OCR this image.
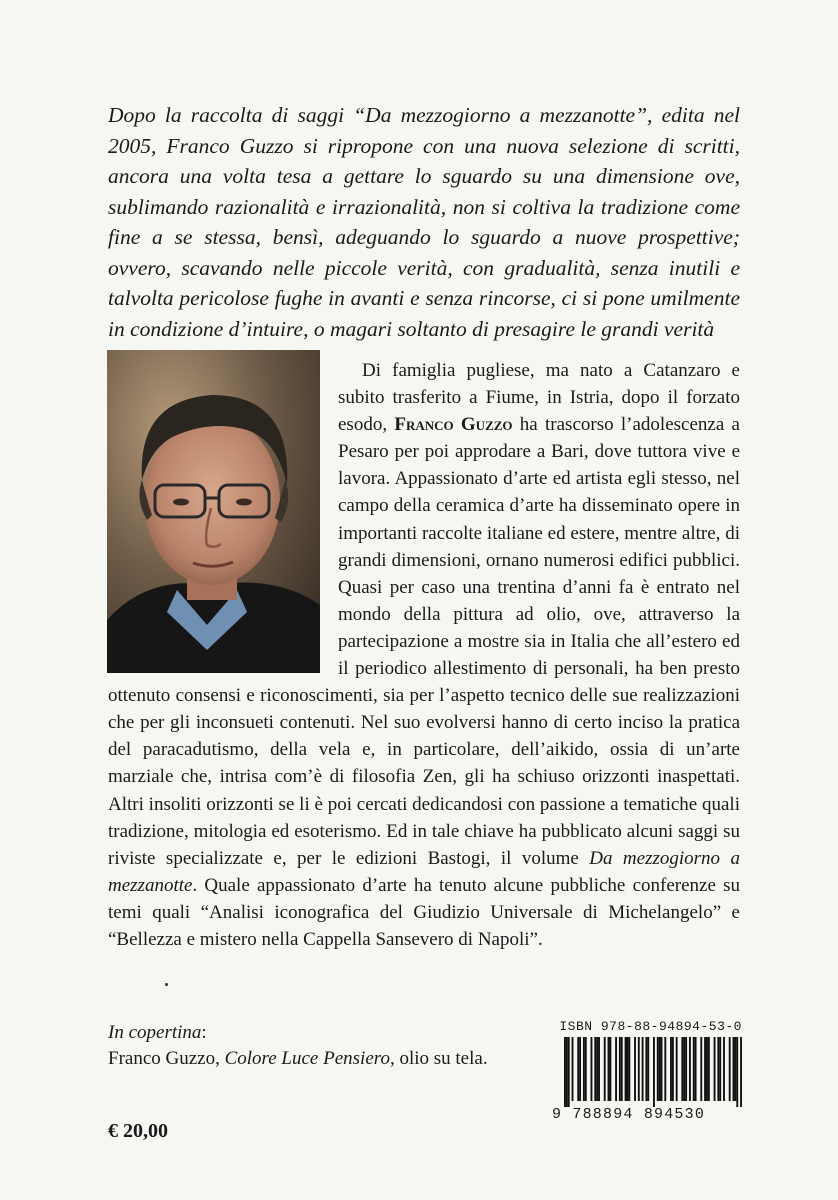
Dopo la raccolta di saggi “Da mezzogiorno a mezzanotte”, edita nel 2005, Franco Guzzo si ripropone con una nuova selezione di scritti, ancora una volta tesa a gettare lo sguardo su una dimensione ove, sublimando razionalità e irrazionalità, non si coltiva la tradizione come fine a se stessa, bensì, adeguando lo sguardo a nuove prospettive; ovvero, scavando nelle piccole verità, con gradualità, senza inutili e talvolta pericolose fughe in avanti e senza rincorse, ci si pone umilmente in condizione d’intuire, o magari soltanto di presagire le grandi verità

Di famiglia pugliese, ma nato a Catanzaro e subito trasferito a Fiume, in Istria, dopo il forzato esodo, Franco Guzzo ha trascorso l’adolescenza a Pesaro per poi approdare a Bari, dove tuttora vive e lavora. Appassionato d’arte ed artista egli stesso, nel campo della ceramica d’arte ha disseminato opere in importanti raccolte italiane ed estere, mentre altre, di grandi dimensioni, ornano numerosi edifici pubblici. Quasi per caso una trentina d’anni fa è entrato nel mondo della pittura ad olio, ove, attraverso la partecipazione a mostre sia in Italia che all’estero ed il periodico allestimento di personali, ha ben presto ottenuto consensi e riconoscimenti, sia per l’aspetto tecnico delle sue realizzazioni che per gli inconsueti contenuti. Nel suo evolversi hanno di certo inciso la pratica del paracadutismo, della vela e, in particolare, dell’aikido, ossia di un’arte marziale che, intrisa com’è di filosofia Zen, gli ha schiuso orizzonti inaspettati. Altri insoliti orizzonti se li è poi cercati dedicandosi con passione a tematiche quali tradizione, mitologia ed esoterismo. Ed in tale chiave ha pubblicato alcuni saggi su riviste specializzate e, per le edizioni Bastogi, il volume Da mezzogiorno a mezzanotte. Quale appassionato d’arte ha tenuto alcune pubbliche conferenze su temi quali “Analisi iconografica del Giudizio Universale di Michelangelo” e “Bellezza e mistero nella Cappella Sansevero di Napoli”.

In copertina:
Franco Guzzo, Colore Luce Pensiero, olio su tela.
€ 20,00
ISBN 978-88-94894-53-0
9 788894 894530
